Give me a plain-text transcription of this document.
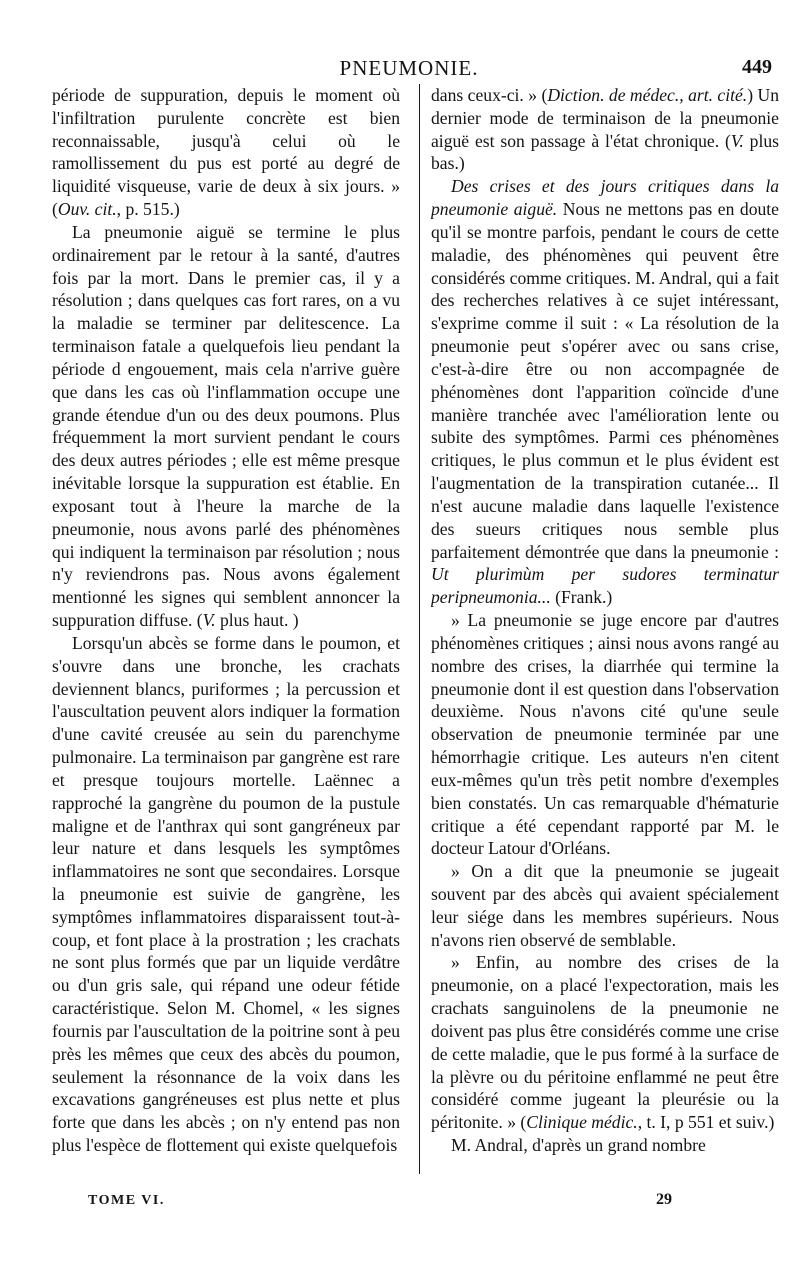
PNEUMONIE.	449

période de suppuration, depuis le moment où l'infiltration purulente concrète est bien reconnaissable, jusqu'à celui où le ramollissement du pus est porté au degré de liquidité visqueuse, varie de deux à six jours. » (Ouv. cit., p. 515.)

La pneumonie aiguë se termine le plus ordinairement par le retour à la santé, d'autres fois par la mort. Dans le premier cas, il y a résolution ; dans quelques cas fort rares, on a vu la maladie se terminer par delitescence. La terminaison fatale a quelquefois lieu pendant la période d engouement, mais cela n'arrive guère que dans les cas où l'inflammation occupe une grande étendue d'un ou des deux poumons. Plus fréquemment la mort survient pendant le cours des deux autres périodes ; elle est même presque inévitable lorsque la suppuration est établie. En exposant tout à l'heure la marche de la pneumonie, nous avons parlé des phénomènes qui indiquent la terminaison par résolution ; nous n'y reviendrons pas. Nous avons également mentionné les signes qui semblent annoncer la suppuration diffuse. (V. plus haut. )

Lorsqu'un abcès se forme dans le poumon, et s'ouvre dans une bronche, les crachats deviennent blancs, puriformes ; la percussion et l'auscultation peuvent alors indiquer la formation d'une cavité creusée au sein du parenchyme pulmonaire. La terminaison par gangrène est rare et presque toujours mortelle. Laënnec a rapproché la gangrène du poumon de la pustule maligne et de l'anthrax qui sont gangréneux par leur nature et dans lesquels les symptômes inflammatoires ne sont que secondaires. Lorsque la pneumonie est suivie de gangrène, les symptômes inflammatoires disparaissent tout-à-coup, et font place à la prostration ; les crachats ne sont plus formés que par un liquide verdâtre ou d'un gris sale, qui répand une odeur fétide caractéristique. Selon M. Chomel, « les signes fournis par l'auscultation de la poitrine sont à peu près les mêmes que ceux des abcès du poumon, seulement la résonnance de la voix dans les excavations gangréneuses est plus nette et plus forte que dans les abcès ; on n'y entend pas non plus l'espèce de flottement qui existe quelquefois

dans ceux-ci. » (Diction. de médec., art. cité.) Un dernier mode de terminaison de la pneumonie aiguë est son passage à l'état chronique. (V. plus bas.)

Des crises et des jours critiques dans la pneumonie aiguë. Nous ne mettons pas en doute qu'il se montre parfois, pendant le cours de cette maladie, des phénomènes qui peuvent être considérés comme critiques. M. Andral, qui a fait des recherches relatives à ce sujet intéressant, s'exprime comme il suit : « La résolution de la pneumonie peut s'opérer avec ou sans crise, c'est-à-dire être ou non accompagnée de phénomènes dont l'apparition coïncide d'une manière tranchée avec l'amélioration lente ou subite des symptômes. Parmi ces phénomènes critiques, le plus commun et le plus évident est l'augmentation de la transpiration cutanée... Il n'est aucune maladie dans laquelle l'existence des sueurs critiques nous semble plus parfaitement démontrée que dans la pneumonie : Ut plurimùm per sudores terminatur peripneumonia... (Frank.)

» La pneumonie se juge encore par d'autres phénomènes critiques ; ainsi nous avons rangé au nombre des crises, la diarrhée qui termine la pneumonie dont il est question dans l'observation deuxième. Nous n'avons cité qu'une seule observation de pneumonie terminée par une hémorrhagie critique. Les auteurs n'en citent eux-mêmes qu'un très petit nombre d'exemples bien constatés. Un cas remarquable d'hématurie critique a été cependant rapporté par M. le docteur Latour d'Orléans.

» On a dit que la pneumonie se jugeait souvent par des abcès qui avaient spécialement leur siége dans les membres supérieurs. Nous n'avons rien observé de semblable.

» Enfin, au nombre des crises de la pneumonie, on a placé l'expectoration, mais les crachats sanguinolens de la pneumonie ne doivent pas plus être considérés comme une crise de cette maladie, que le pus formé à la surface de la plèvre ou du péritoine enflammé ne peut être considéré comme jugeant la pleurésie ou la péritonite. » (Clinique médic., t. I, p 551 et suiv.)

M. Andral, d'après un grand nombre

TOME VI.	29
